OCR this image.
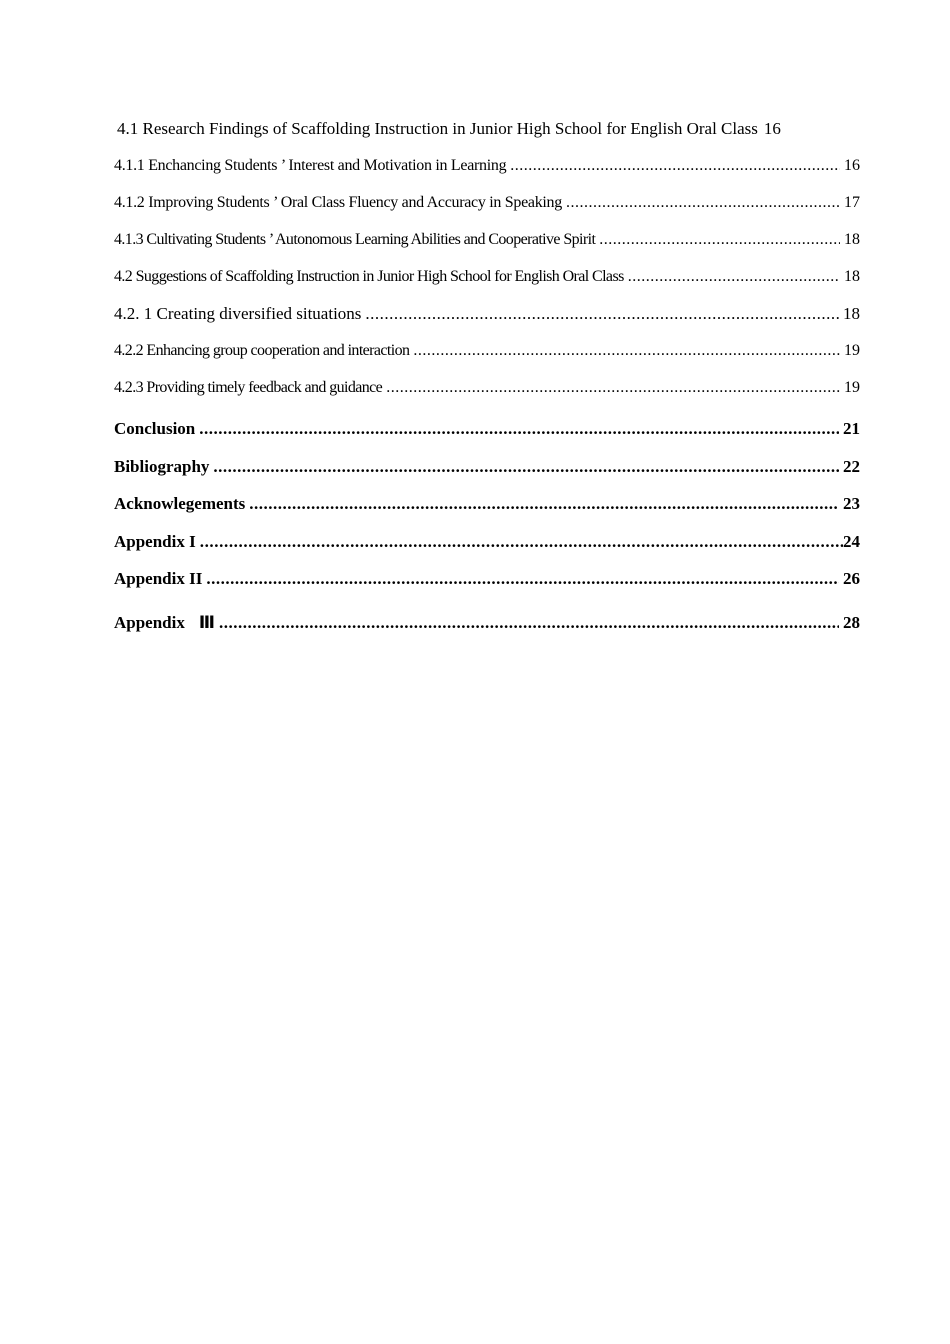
4.1 Research Findings of Scaffolding Instruction in Junior High School for English Oral Class 16
4.1.1 Enchancing Students ’ Interest and Motivation in Learning .....	16
4.1.2 Improving Students ’ Oral Class Fluency and Accuracy in Speaking .....	17
4.1.3 Cultivating Students ’ Autonomous Learning Abilities and Cooperative Spirit .....	18
4.2 Suggestions of Scaffolding Instruction in Junior High School for English Oral Class .....	18
4.2. 1 Creating diversified situations .....	18
4.2.2 Enhancing group cooperation and interaction .....	19
4.2.3 Providing timely feedback and guidance .....	19
Conclusion .....	21
Bibliography .....	22
Acknowlegements .....	23
Appendix I .....	24
Appendix II .....	26
Appendix Ⅲ .....	28
